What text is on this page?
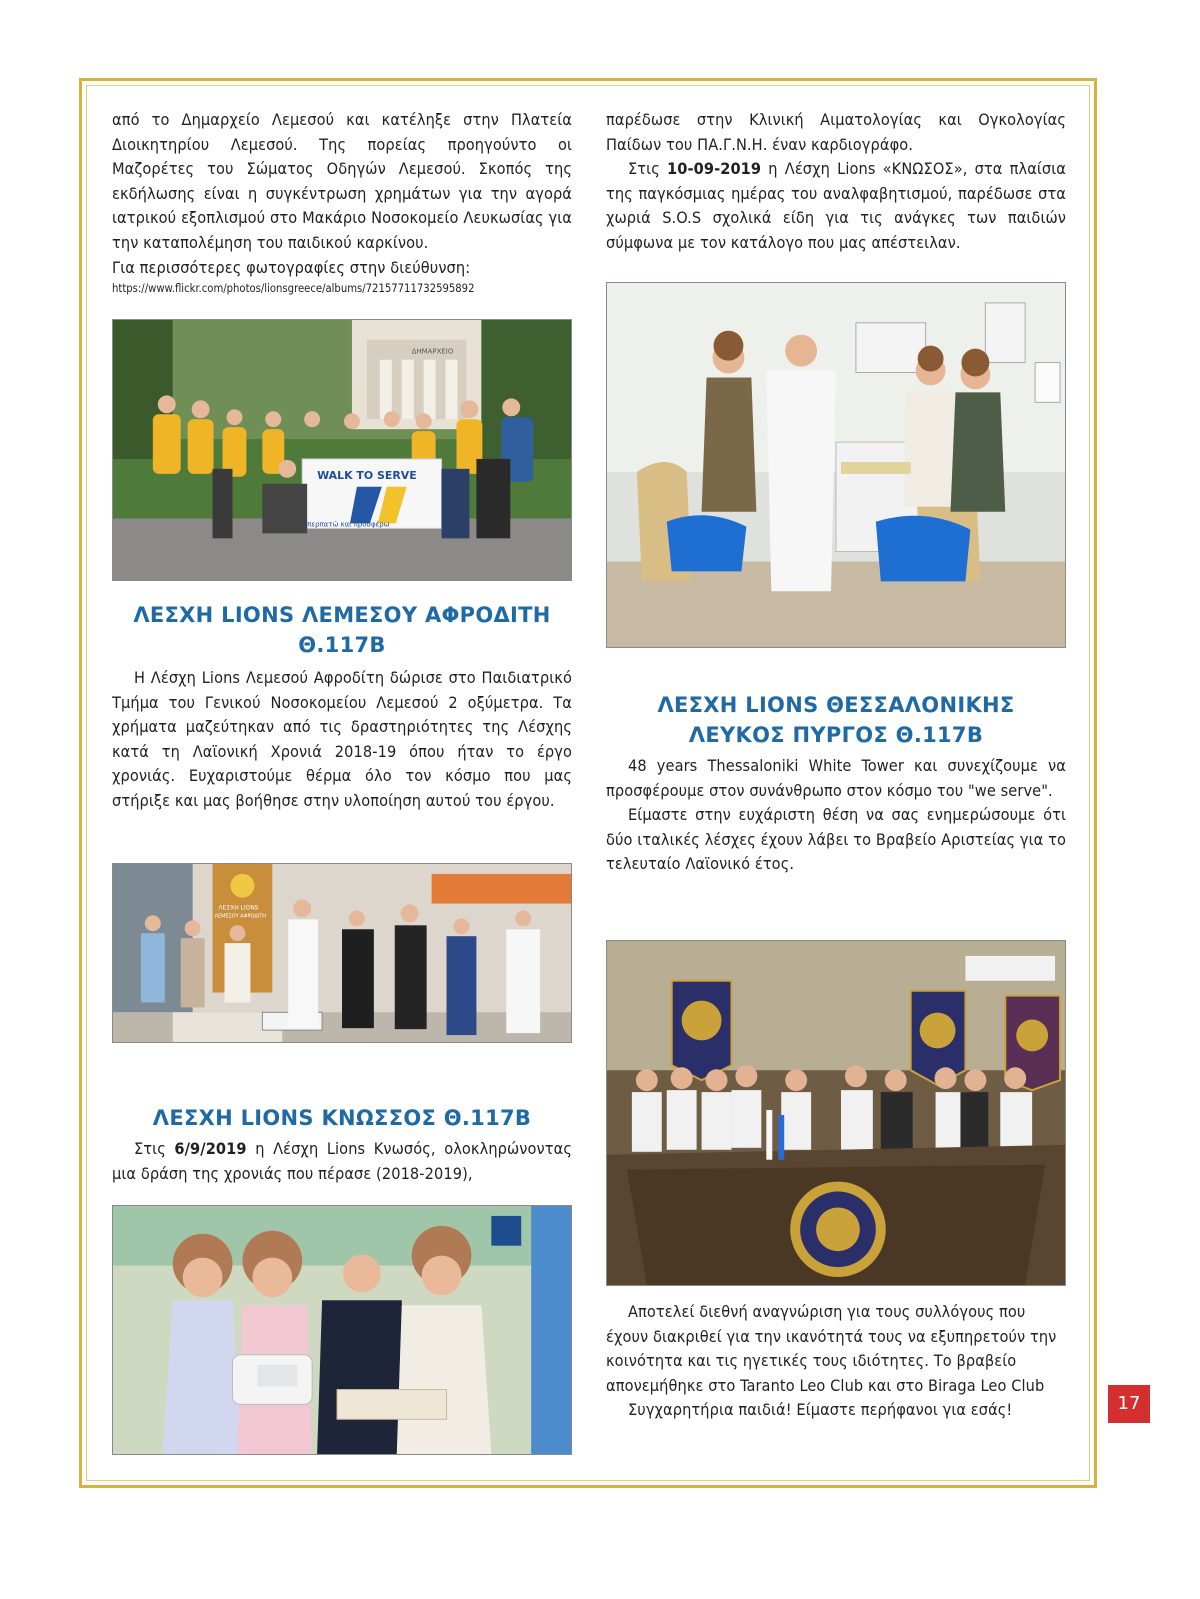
από το Δημαρχείο Λεμεσού και κατέληξε στην Πλατεία Διοικητηρίου Λεμεσού. Της πορείας προηγούντο οι Μαζορέτες του Σώματος Οδηγών Λεμεσού. Σκοπός της εκδήλωσης είναι η συγκέντρωση χρημάτων για την αγορά ιατρικού εξοπλισμού στο Μακάριο Νοσοκομείο Λευκωσίας για την καταπολέμηση του παιδικού καρκίνου.

Για περισσότερες φωτογραφίες στην διεύθυνση:

https://www.flickr.com/photos/lionsgreece/albums/72157711732595892

ΔΗΜΑΡΧΕΙΟ
WALK TO SERVE
περπατώ και προσφέρω
ΛΕΣΧΗ LIONS ΛΕΜΕΣΟΥ ΑΦΡΟΔΙΤΗ
Θ.117Β

Η Λέσχη Lions Λεμεσού Αφροδίτη δώρισε στο Παιδιατρικό Τμήμα του Γενικού Νοσοκομείου Λεμεσού 2 οξύμετρα. Τα χρήματα μαζεύτηκαν από τις δραστηριότητες της Λέσχης κατά τη Λαϊονική Χρονιά 2018-19 όπου ήταν το έργο χρονιάς. Ευχαριστούμε θέρμα όλο τον κόσμο που μας στήριξε και μας βοήθησε στην υλοποίηση αυτού του έργου.

ΛΕΣΧΗ LIONS
ΛΕΜΕΣΟΥ ΑΦΡΟΔΙΤΗ
ΛΕΣΧΗ LIONS ΚΝΩΣΣΟΣ Θ.117Β

Στις 6/9/2019 η Λέσχη Lions Κνωσός, ολοκληρώνοντας μια δράση της χρονιάς που πέρασε (2018-2019),

παρέδωσε στην Κλινική Αιματολογίας και Ογκολογίας Παίδων του ΠΑ.Γ.Ν.Η. έναν καρδιογράφο.

Στις 10-09-2019 η Λέσχη Lions «ΚΝΩΣΟΣ», στα πλαίσια της παγκόσμιας ημέρας του αναλφαβητισμού, παρέδωσε στα χωριά S.O.S σχολικά είδη για τις ανάγκες των παιδιών σύμφωνα με τον κατάλογο που μας απέστειλαν.

ΛΕΣΧΗ LIONS ΘΕΣΣΑΛΟΝΙΚΗΣ
ΛΕΥΚΟΣ ΠΥΡΓΟΣ Θ.117Β

48 years Thessaloniki White Tower και συνεχίζουμε να προσφέρουμε στον συνάνθρωπο στον κόσμο του "we serve".

Είμαστε στην ευχάριστη θέση να σας ενημερώσουμε ότι δύο ιταλικές λέσχες έχουν λάβει το Βραβείο Αριστείας για το τελευταίο Λαϊονικό έτος.

Αποτελεί διεθνή αναγνώριση για τους συλλόγους που έχουν διακριθεί για την ικανότητά τους να εξυπηρετούν την κοινότητα και τις ηγετικές τους ιδιότητες. Το βραβείο απονεμήθηκε στο Taranto Leo Club και στο Biraga Leo Club

Συγχαρητήρια παιδιά! Είμαστε περήφανοι για εσάς!	17
